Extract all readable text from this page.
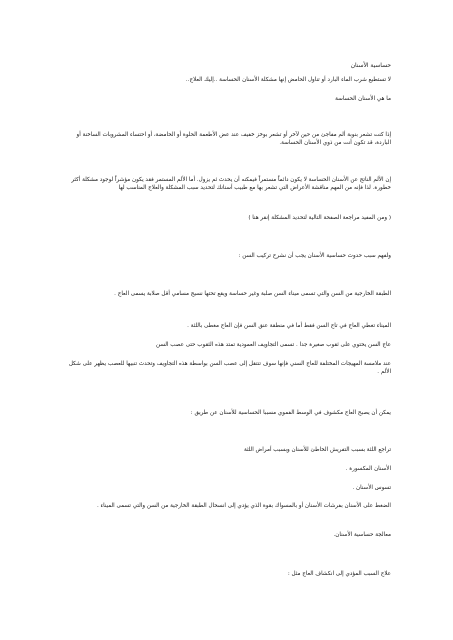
حساسية الأسنان

لا تستطيع شرب الماء البارد أو تناول الحامض إنها مشكلة الأسنان الحساسة ..إليك العلاج..

ما هي الأسنان الحساسة

إذا كنت تشعر بنوبة ألم مفاجئ من حين لآخر أو تشعر بوخز خفيف عند عض الأطعمة الحلوة أو الحامضة، أو احتساء المشروبات الساخنة أو الباردة، قد تكون أنت من ذوي الأسنان الحساسة.

إن الألم الناتج عن الأسنان الحساسة لا يكون دائماً مستمراً فيمكنه أن يحدث ثم يزول. أما الألم المستمر فقد يكون مؤشراً لوجود مشكلة أكثر خطورة. لذا فإنه من المهم مناقشة الأعراض التي تشعر بها مع طبيب أسنانك لتحديد سبب المشكلة والعلاج المناسب لها

( ومن المفيد مراجعة الصفحة التالية لتحديد المشكلة إنقر هنا )

ولفهم سبب حدوث حساسية الأسنان يجب أن نشرح تركيب السن :

الطبقة الخارجية من السن والتي تسمى ميناء السن صلبة وغير حساسة ويقع تحتها نسيج مسامي أقل صلابة يسمى العاج .

الميناء تغطي العاج في تاج السن فقط أما في منطقة عنق السن فإن العاج مغطى باللثة .

عاج السن يحتوي على ثقوب صغيرة جدا . تسمى التجاويف العمودية تمتد هذه الثقوب حتى عصب السن

عند ملامسة المهيجات المختلفة للعاج السني فإنها سوف تنتقل إلى عصب السن بواسطة هذه التجاويف وتحدث تنبيها للعصب يظهر على شكل الألم .

يمكن أن يصبح العاج مكشوف في الوسط الفموي مسببا الحساسية للأسنان عن طريق :

تراجع اللثة بسبب التفريش الخاطئ للأسنان وبسبب أمراض اللثة

الأسنان المكسورة .

تسوس الأسنان .

الضغط على الأسنان بفرشات الأسنان أو بالمسواك بقوة الذي يؤدي إلى انسحال الطبقة الخارجية من السن والتي تسمى الميناء .

معالجة حساسية الأسنان.

علاج السبب المؤدي إلى انكشاف العاج مثل :
